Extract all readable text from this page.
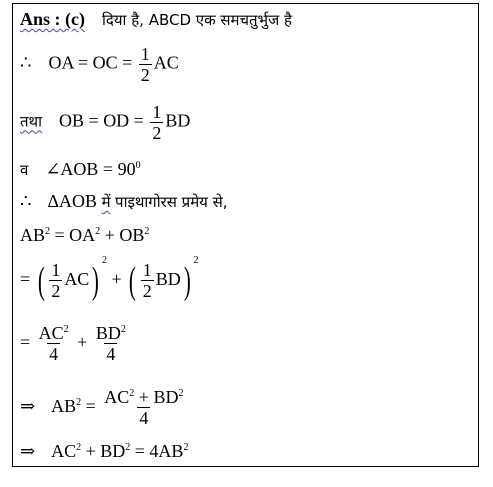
Ans : (c) दिया है, ABCD एक समचतुर्भुज है
∴ OA = OC = $\frac{1}{2}$ AC
तथा OB = OD = $\frac{1}{2}$ BD
व ∠AOB = $90^0$
∴ ΔAOB में पाइथागोरस प्रमेय से,
$AB^2 = OA^2 + OB^2$
= ( $\frac{1}{2} AC$) $^2$ + ( $\frac{1}{2} BD$) $^2$
= $\frac{AC^2}{4} + \frac{BD^2}{4}$
⇒ $AB^2 = \frac{AC^2 + BD^2}{4}$
⇒ $AC^2 + BD^2 = 4AB^2$
